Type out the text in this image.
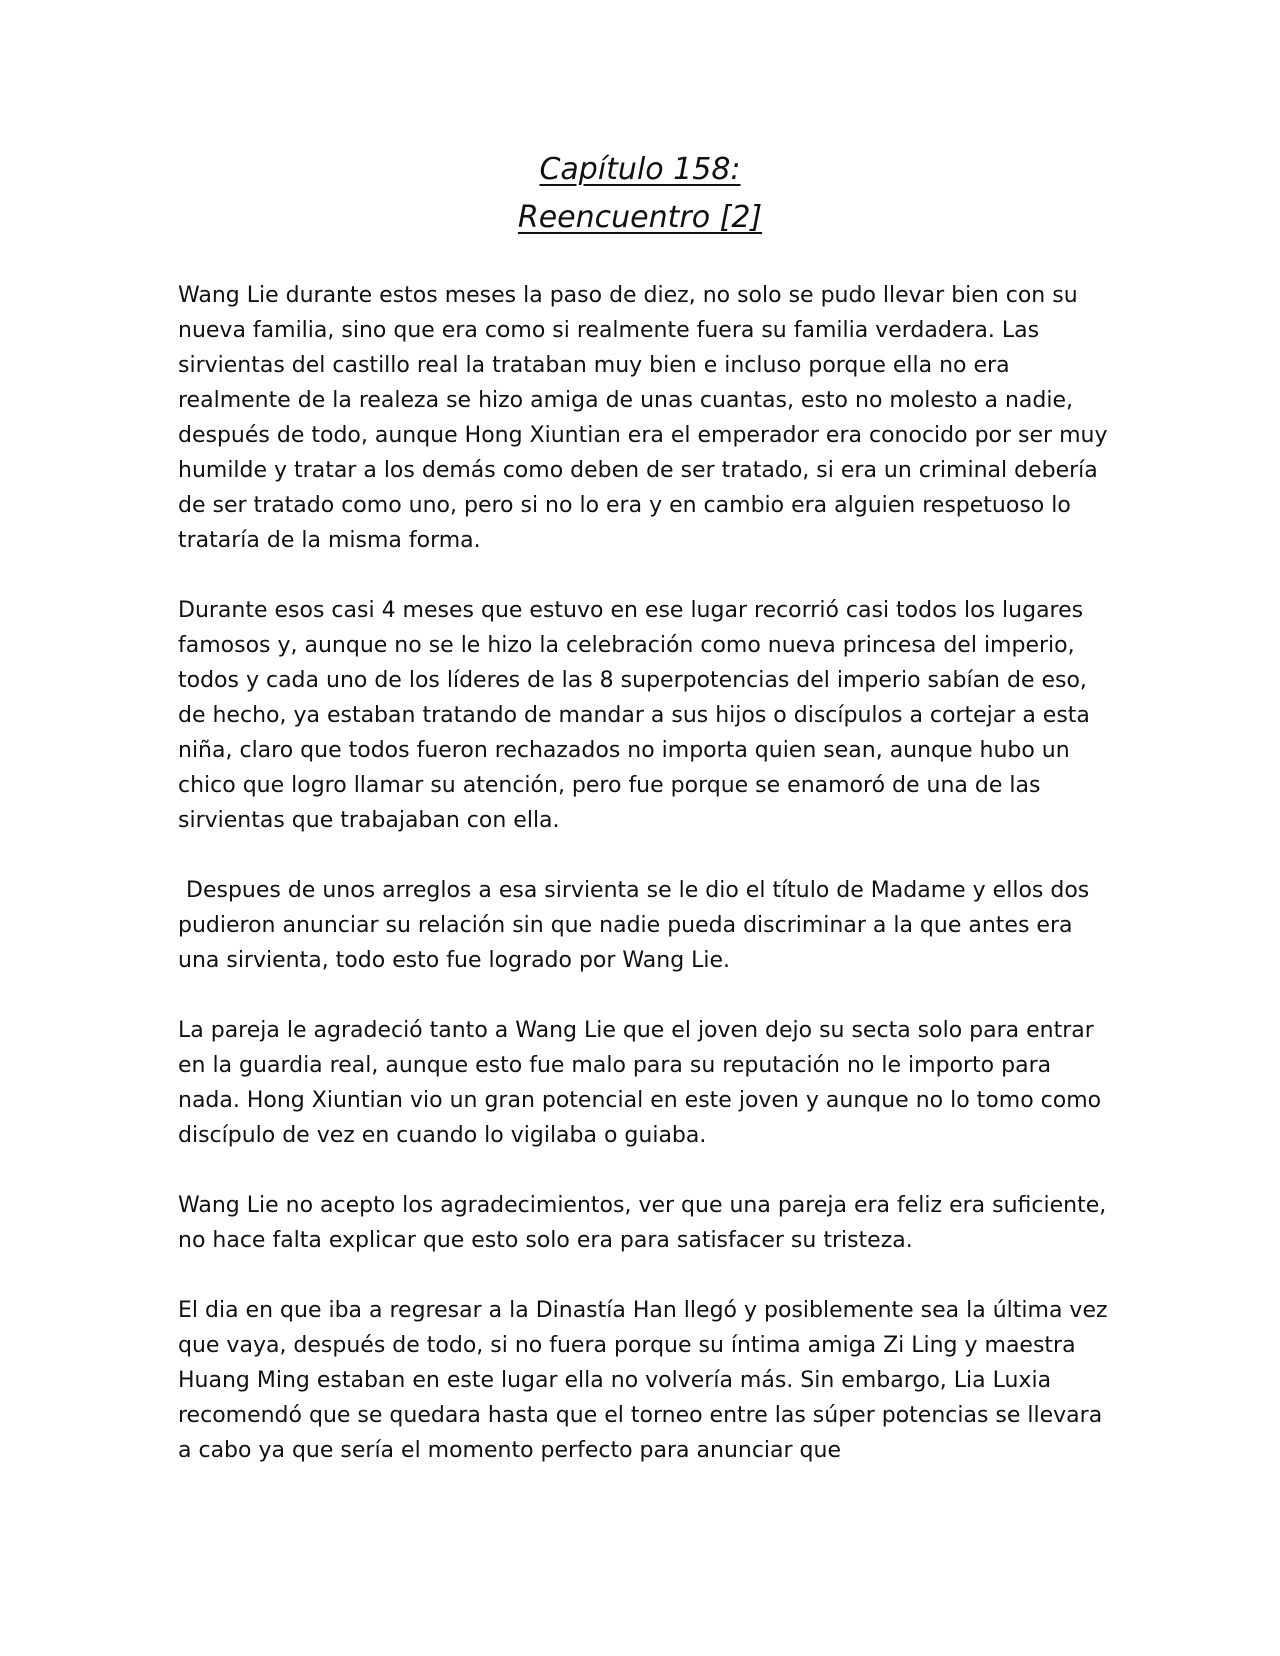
Capítulo 158:
Reencuentro [2]

Wang Lie durante estos meses la paso de diez, no solo se pudo llevar bien con su nueva familia, sino que era como si realmente fuera su familia verdadera. Las sirvientas del castillo real la trataban muy bien e incluso porque ella no era realmente de la realeza se hizo amiga de unas cuantas, esto no molesto a nadie, después de todo, aunque Hong Xiuntian era el emperador era conocido por ser muy humilde y tratar a los demás como deben de ser tratado, si era un criminal debería de ser tratado como uno, pero si no lo era y en cambio era alguien respetuoso lo trataría de la misma forma.

Durante esos casi 4 meses que estuvo en ese lugar recorrió casi todos los lugares famosos y, aunque no se le hizo la celebración como nueva princesa del imperio, todos y cada uno de los líderes de las 8 superpotencias del imperio sabían de eso, de hecho, ya estaban tratando de mandar a sus hijos o discípulos a cortejar a esta niña, claro que todos fueron rechazados no importa quien sean, aunque hubo un chico que logro llamar su atención, pero fue porque se enamoró de una de las sirvientas que trabajaban con ella.

Despues de unos arreglos a esa sirvienta se le dio el título de Madame y ellos dos pudieron anunciar su relación sin que nadie pueda discriminar a la que antes era una sirvienta, todo esto fue logrado por Wang Lie.

La pareja le agradeció tanto a Wang Lie que el joven dejo su secta solo para entrar en la guardia real, aunque esto fue malo para su reputación no le importo para nada. Hong Xiuntian vio un gran potencial en este joven y aunque no lo tomo como discípulo de vez en cuando lo vigilaba o guiaba.

Wang Lie no acepto los agradecimientos, ver que una pareja era feliz era suficiente, no hace falta explicar que esto solo era para satisfacer su tristeza.

El dia en que iba a regresar a la Dinastía Han llegó y posiblemente sea la última vez que vaya, después de todo, si no fuera porque su íntima amiga Zi Ling y maestra Huang Ming estaban en este lugar ella no volvería más. Sin embargo, Lia Luxia recomendó que se quedara hasta que el torneo entre las súper potencias se llevara a cabo ya que sería el momento perfecto para anunciar que
